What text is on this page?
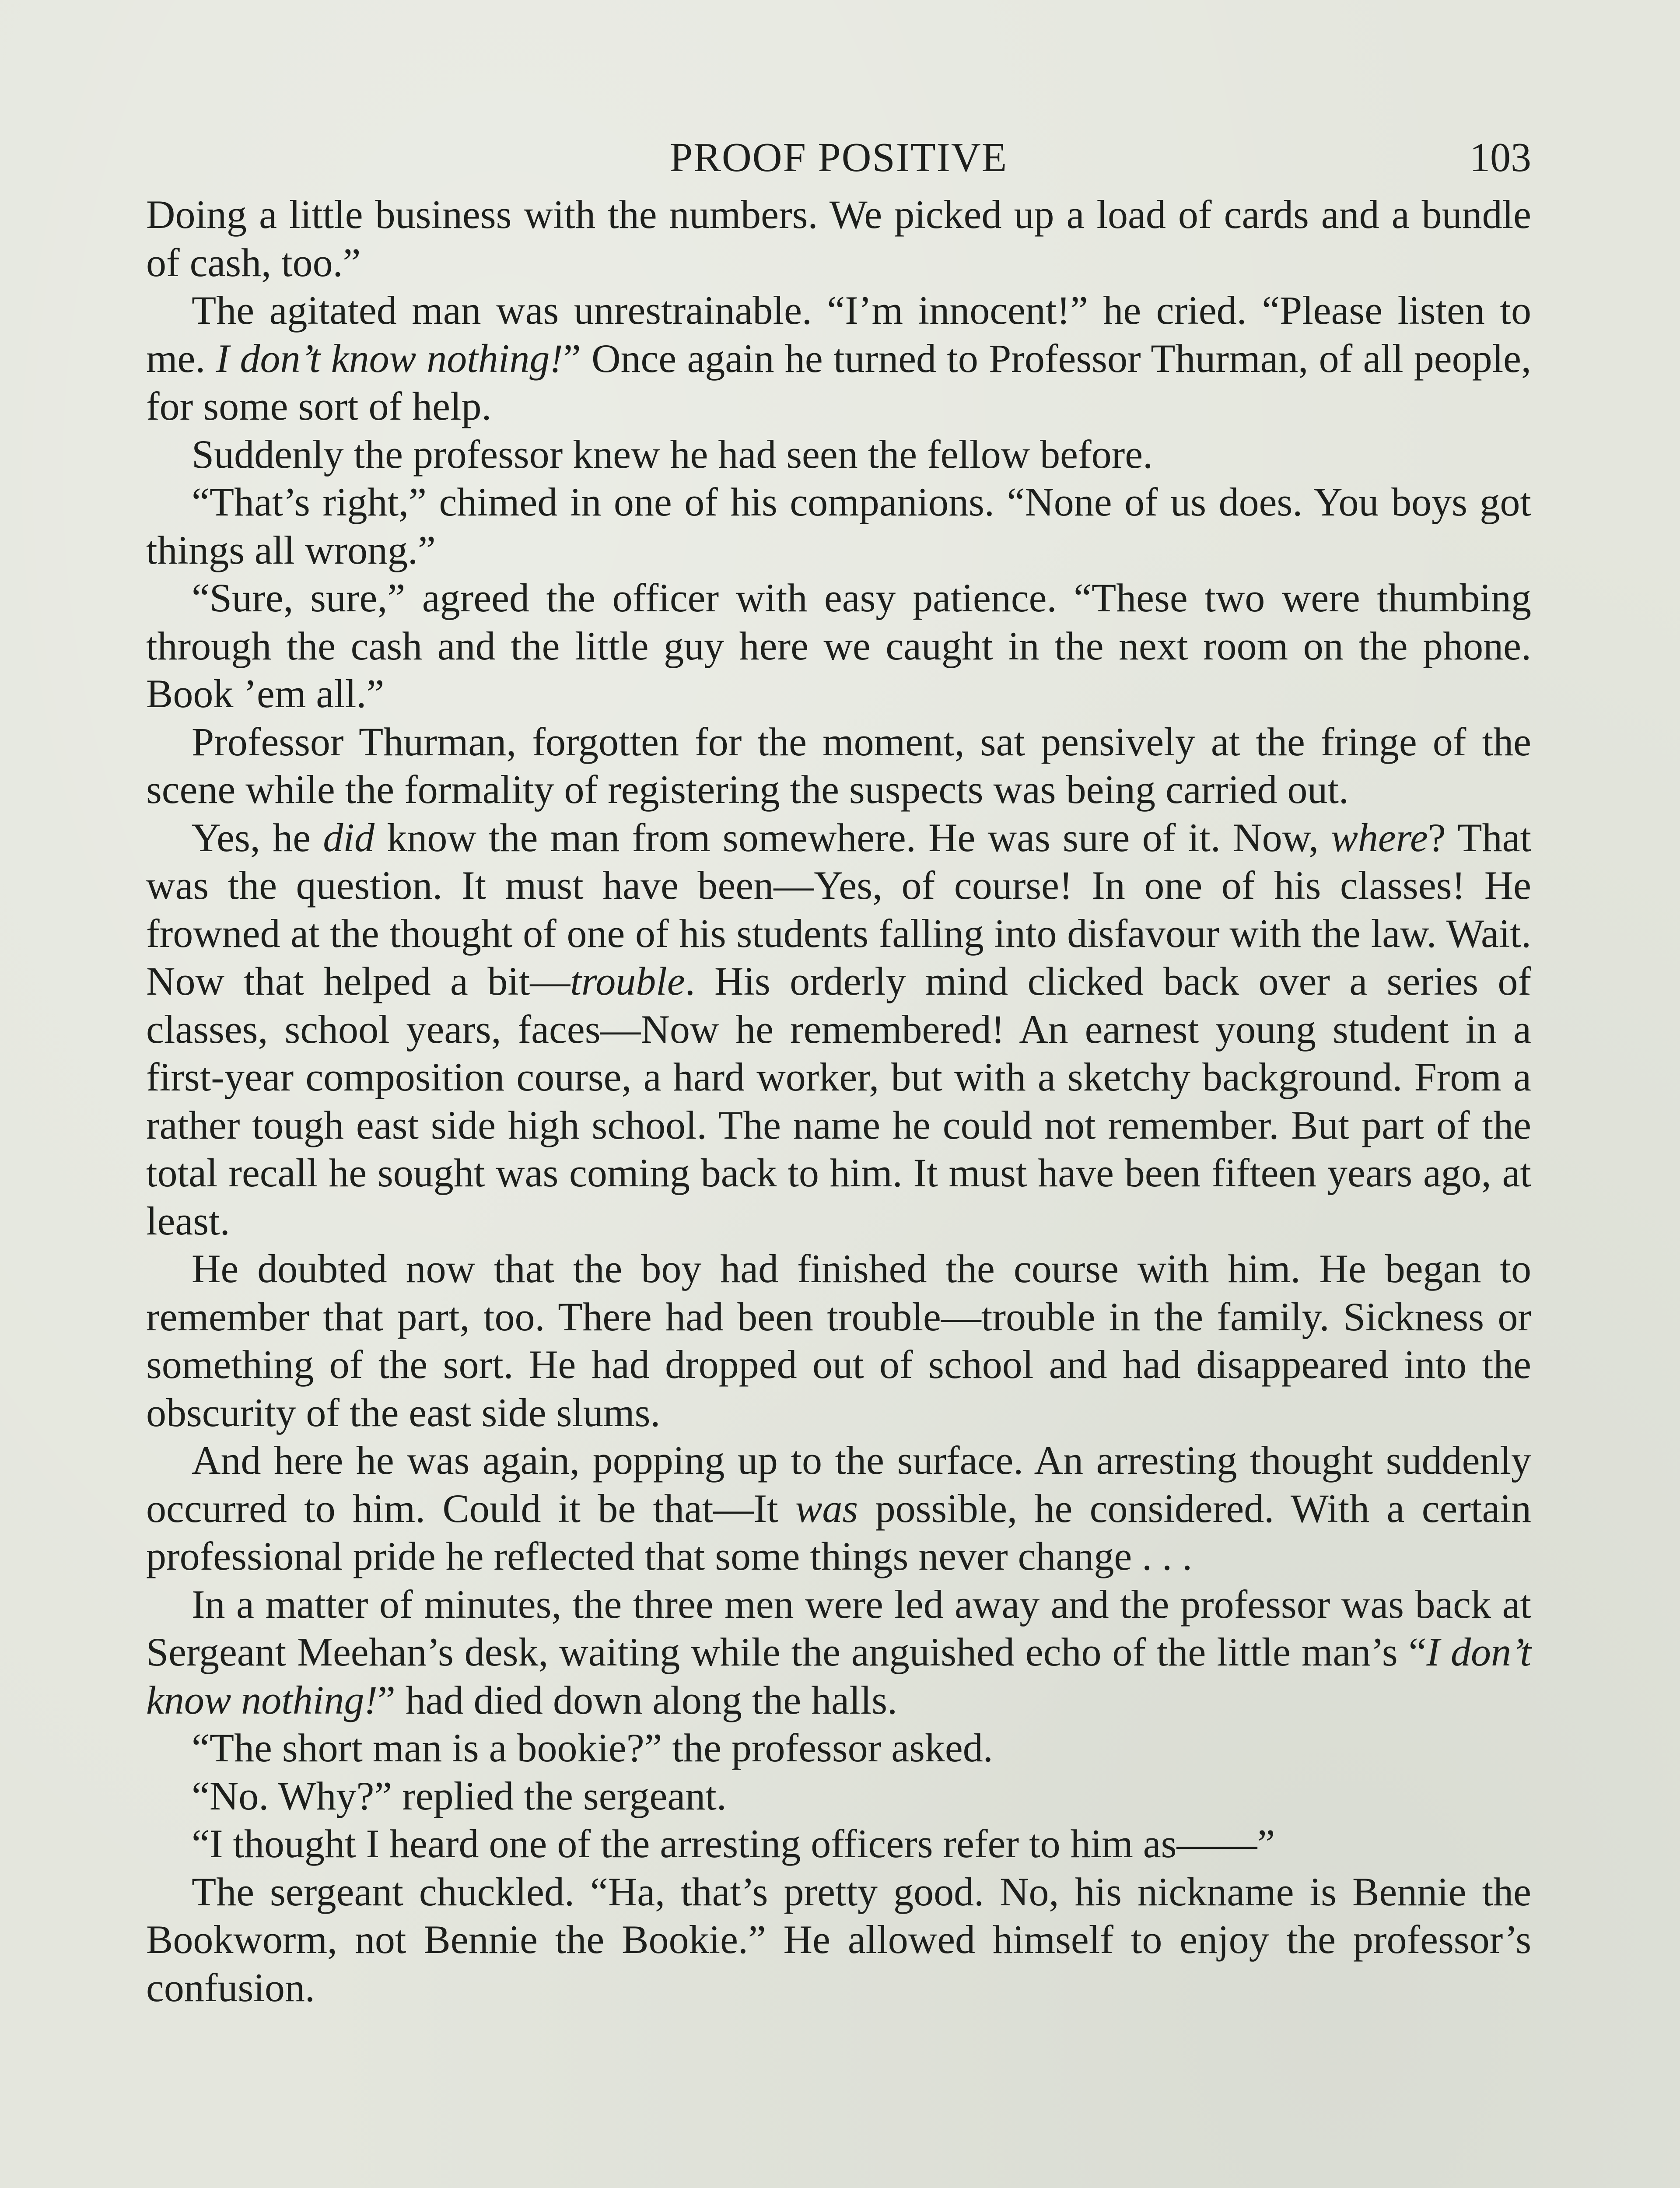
PROOF POSITIVE	103

Doing a little business with the numbers. We picked up a load of cards and a bundle of cash, too.”

The agitated man was unrestrainable. “I’m innocent!” he cried. “Please listen to me. I don’t know nothing!” Once again he turned to Professor Thurman, of all people, for some sort of help.

Suddenly the professor knew he had seen the fellow before.

“That’s right,” chimed in one of his companions. “None of us does. You boys got things all wrong.”

“Sure, sure,” agreed the officer with easy patience. “These two were thumbing through the cash and the little guy here we caught in the next room on the phone. Book ’em all.”

Professor Thurman, forgotten for the moment, sat pensively at the fringe of the scene while the formality of registering the suspects was being carried out.

Yes, he did know the man from somewhere. He was sure of it. Now, where? That was the question. It must have been—Yes, of course! In one of his classes! He frowned at the thought of one of his students falling into disfavour with the law. Wait. Now that helped a bit—trouble. His orderly mind clicked back over a series of classes, school years, faces—Now he remembered! An earnest young student in a first-year composition course, a hard worker, but with a sketchy background. From a rather tough east side high school. The name he could not remember. But part of the total recall he sought was coming back to him. It must have been fifteen years ago, at least.

He doubted now that the boy had finished the course with him. He began to remember that part, too. There had been trouble—trouble in the family. Sickness or something of the sort. He had dropped out of school and had disappeared into the obscurity of the east side slums.

And here he was again, popping up to the surface. An arresting thought suddenly occurred to him. Could it be that—It was possible, he considered. With a certain professional pride he reflected that some things never change . . .

In a matter of minutes, the three men were led away and the professor was back at Sergeant Meehan’s desk, waiting while the anguished echo of the little man’s “I don’t know nothing!” had died down along the halls.

“The short man is a bookie?” the professor asked.

“No. Why?” replied the sergeant.

“I thought I heard one of the arresting officers refer to him as——”

The sergeant chuckled. “Ha, that’s pretty good. No, his nickname is Bennie the Bookworm, not Bennie the Bookie.” He allowed himself to enjoy the professor’s confusion.
